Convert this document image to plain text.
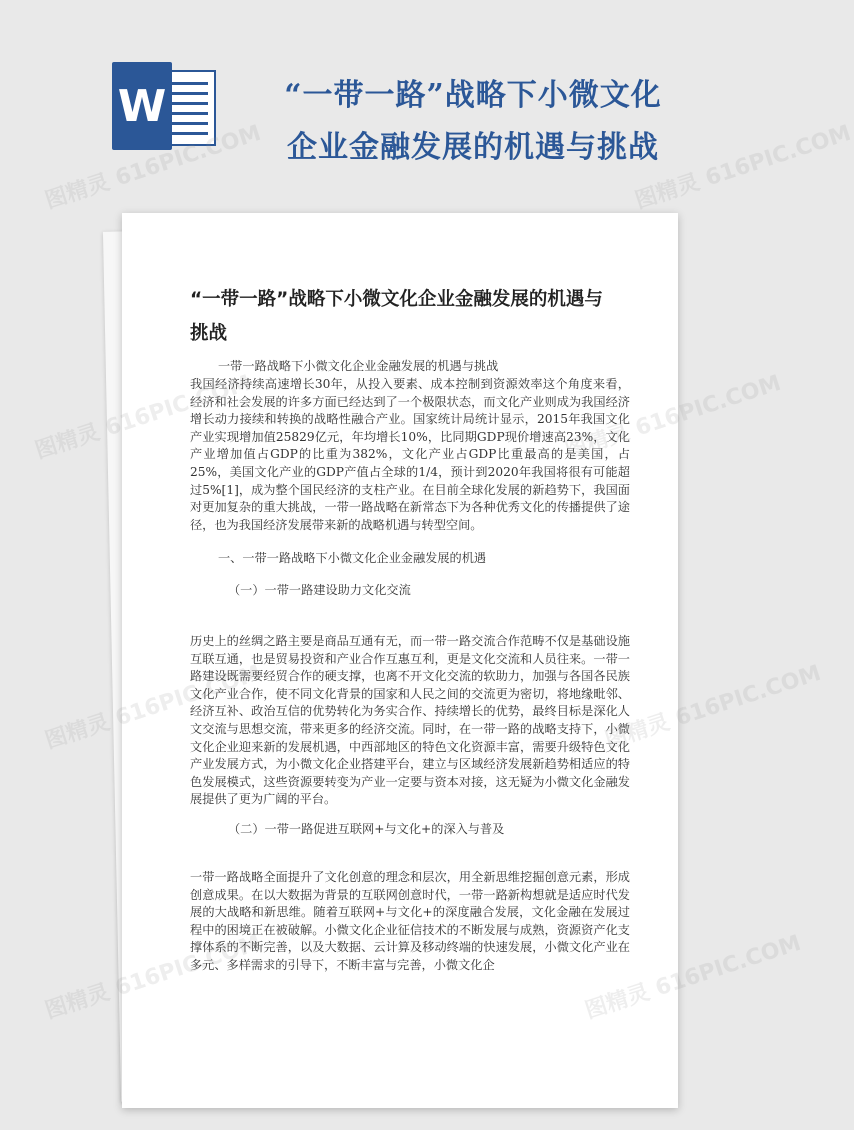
W	“一带一路”战略下小微文化
企业金融发展的机遇与挑战
“一带一路”战略下小微文化企业金融发展的机遇与
挑战
一带一路战略下小微文化企业金融发展的机遇与挑战
我国经济持续高速增长30年，从投入要素、成本控制到资源效率这个角度来看，经济和社会发展的许多方面已经达到了一个极限状态，而文化产业则成为我国经济增长动力接续和转换的战略性融合产业。国家统计局统计显示，2015年我国文化产业实现增加值25829亿元，年均增长10%，比同期GDP现价增速高23%，文化产业增加值占GDP的比重为382%，文化产业占GDP比重最高的是美国，占25%，美国文化产业的GDP产值占全球的1/4，预计到2020年我国将很有可能超过5%[1]，成为整个国民经济的支柱产业。在目前全球化发展的新趋势下，我国面对更加复杂的重大挑战，一带一路战略在新常态下为各种优秀文化的传播提供了途径，也为我国经济发展带来新的战略机遇与转型空间。
一、一带一路战略下小微文化企业金融发展的机遇
（一）一带一路建设助力文化交流
历史上的丝绸之路主要是商品互通有无，而一带一路交流合作范畴不仅是基础设施互联互通，也是贸易投资和产业合作互惠互利，更是文化交流和人员往来。一带一路建设既需要经贸合作的硬支撑，也离不开文化交流的软助力，加强与各国各民族文化产业合作，使不同文化背景的国家和人民之间的交流更为密切，将地缘毗邻、经济互补、政治互信的优势转化为务实合作、持续增长的优势，最终目标是深化人文交流与思想交流，带来更多的经济交流。同时，在一带一路的战略支持下，小微文化企业迎来新的发展机遇，中西部地区的特色文化资源丰富，需要升级特色文化产业发展方式，为小微文化企业搭建平台，建立与区域经济发展新趋势相适应的特色发展模式，这些资源要转变为产业一定要与资本对接，这无疑为小微文化金融发展提供了更为广阔的平台。
（二）一带一路促进互联网+与文化+的深入与普及
一带一路战略全面提升了文化创意的理念和层次，用全新思维挖掘创意元素，形成创意成果。在以大数据为背景的互联网创意时代，一带一路新构想就是适应时代发展的大战略和新思维。随着互联网+与文化+的深度融合发展，文化金融在发展过程中的困境正在被破解。小微文化企业征信技术的不断发展与成熟，资源资产化支撑体系的不断完善，以及大数据、云计算及移动终端的快速发展，小微文化产业在多元、多样需求的引导下，不断丰富与完善，小微文化企
图精灵 616PIC.COM	图精灵 616PIC.COM
图精灵
616PIC.COM
图精灵	图精灵 616PIC.COM
图精灵	图精灵 616PIC.COM
